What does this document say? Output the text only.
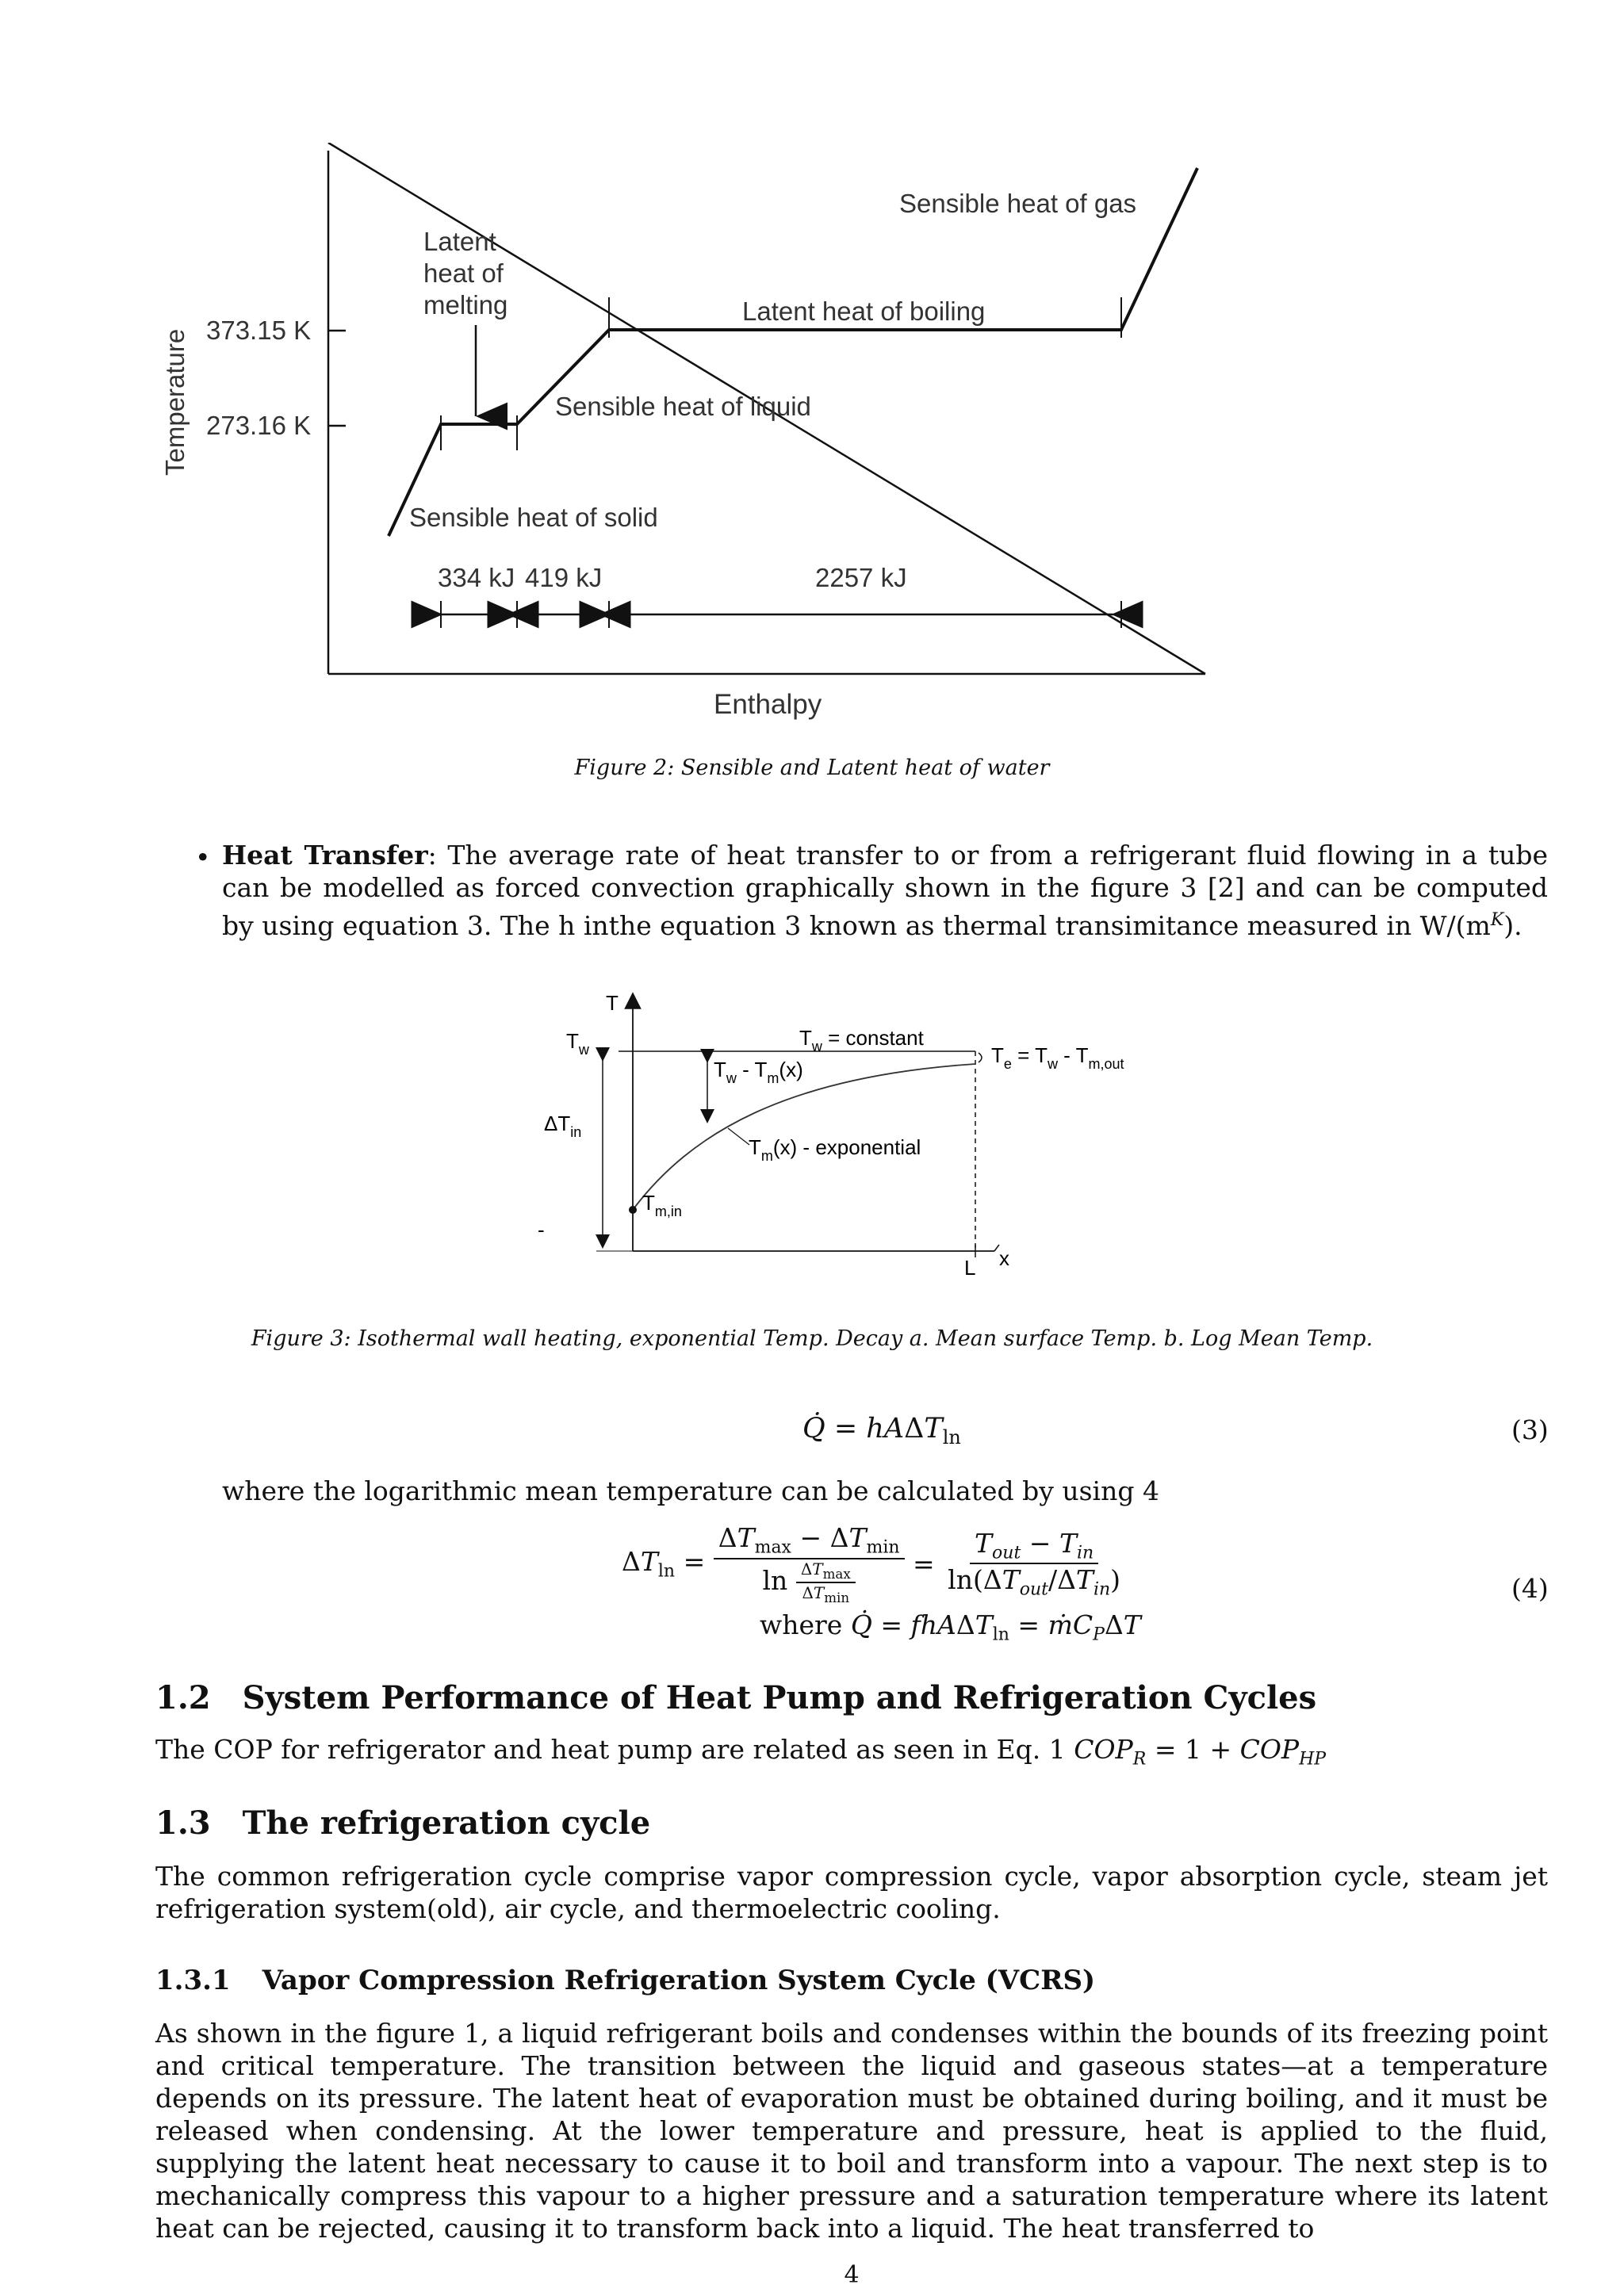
Temperature 373.15 K
273.16 K
Latent
heat of
melting
Sensible heat of solid
Sensible heat of liquid
Latent heat of boiling
Sensible heat of gas
334 kJ 419 kJ	2257 kJ
Enthalpy
Figure 2: Sensible and Latent heat of water
• Heat Transfer: The average rate of heat transfer to or from a refrigerant fluid flowing in a tube can be modelled as forced convection graphically shown in the figure 3 [2] and can be computed by using equation 3. The h inthe equation 3 known as thermal transimitance measured in $W/(m^K)$.
T
$T_w$	$T_w$ = constant
$T_w - T_m(x)$
$\Delta T_{in}$
$T_m(x)$ - exponential
$T_{m,in}$
$T_e = T_w - T_{m,out}$
L x
-
Figure 3: Isothermal wall heating, exponential Temp. Decay a. Mean surface Temp. b. Log Mean Temp.
Q̇ = hAΔT$_{ln}$	(3)
where the logarithmic mean temperature can be calculated by using 4
$\Delta T_{ln} = \frac{\Delta T_{max} - \Delta T_{min}}{\ln \frac{\Delta T_{max}}{\Delta T_{min}}} = \frac{T_{out} - T_{in}}{\ln(\Delta T_{out}/\Delta T_{in})}$	(4)
where Q̇ = fhAΔT$_{ln}$ = ṁC$_P$ΔT
1.2 System Performance of Heat Pump and Refrigeration Cycles
The COP for refrigerator and heat pump are related as seen in Eq. 1 $COP_R = 1 + COP_{HP}$
1.3 The refrigeration cycle
The common refrigeration cycle comprise vapor compression cycle, vapor absorption cycle, steam jet refrigeration system(old), air cycle, and thermoelectric cooling.
1.3.1 Vapor Compression Refrigeration System Cycle (VCRS)
As shown in the figure 1, a liquid refrigerant boils and condenses within the bounds of its freezing point and critical temperature. The transition between the liquid and gaseous states—at a temperature depends on its pressure. The latent heat of evaporation must be obtained during boiling, and it must be released when condensing. At the lower temperature and pressure, heat is applied to the fluid, supplying the latent heat necessary to cause it to boil and transform into a vapour. The next step is to mechanically compress this vapour to a higher pressure and a saturation temperature where its latent heat can be rejected, causing it to transform back into a liquid. The heat transferred to
4
